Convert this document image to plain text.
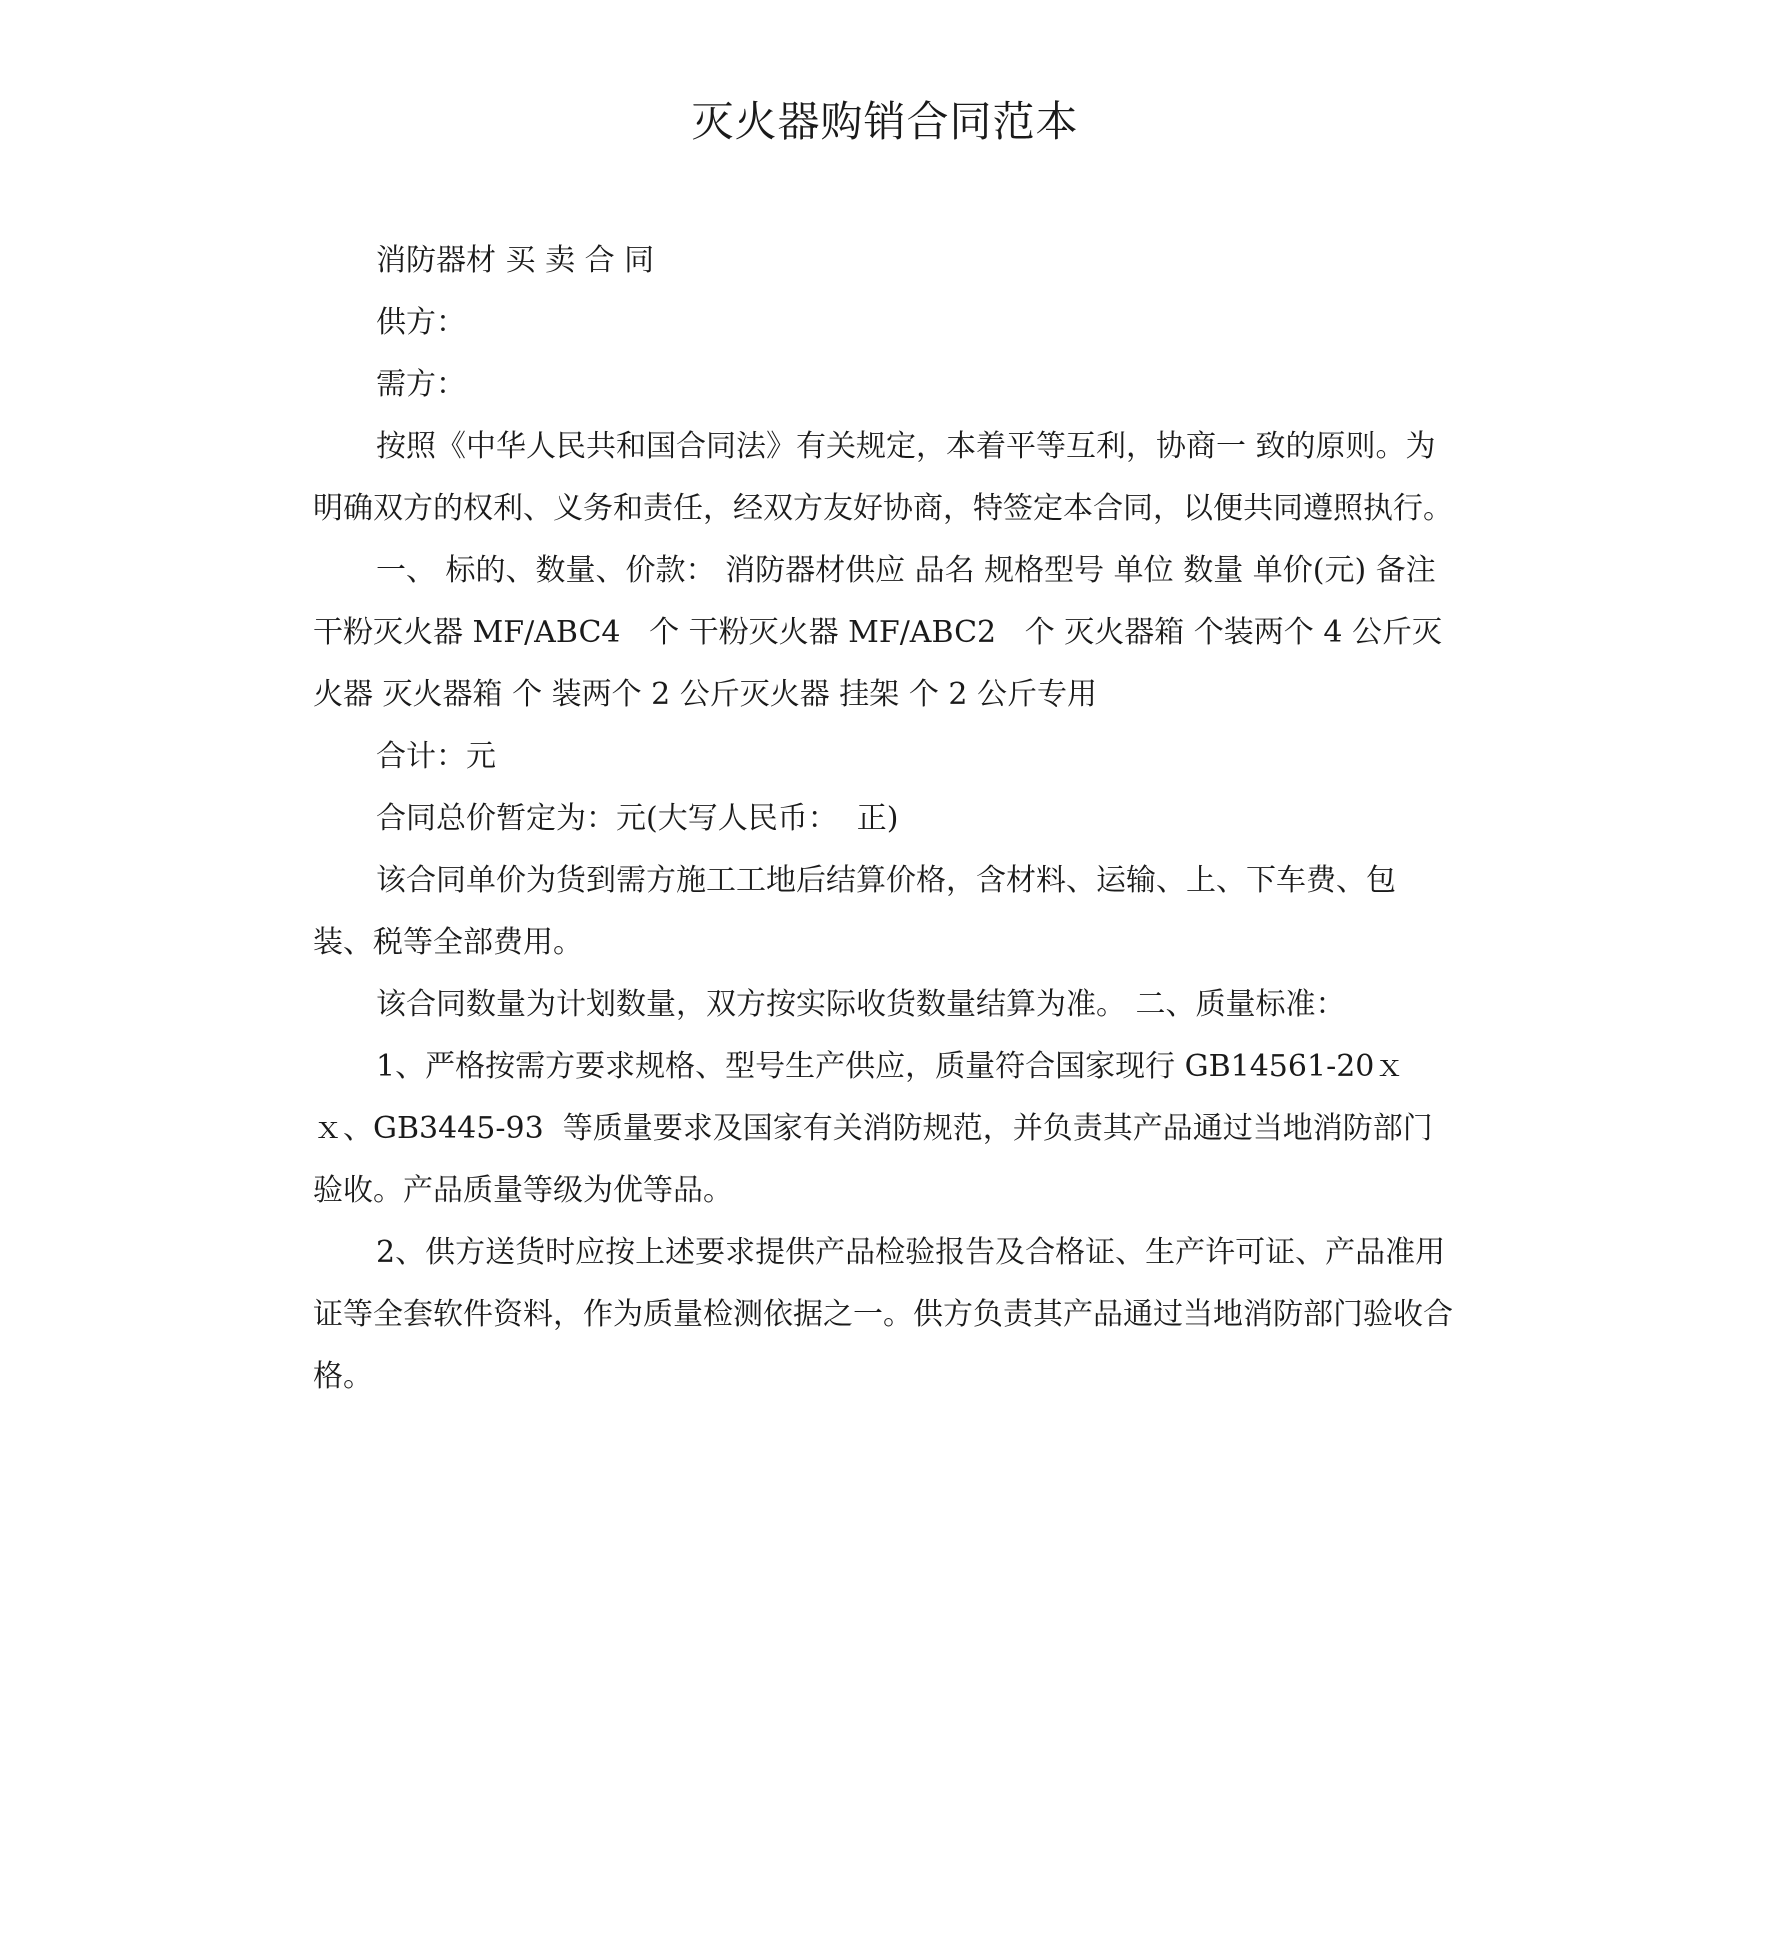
灭火器购销合同范本

消防器材 买 卖 合 同

供方：

需方：

按照《中华人民共和国合同法》有关规定，本着平等互利，协商一 致的原则。为明确双方的权利、义务和责任，经双方友好协商，特签定本合同，以便共同遵照执行。

一、 标的、数量、价款： 消防器材供应 品名 规格型号 单位 数量 单价(元) 备注 干粉灭火器 MF/ABC4   个 干粉灭火器 MF/ABC2   个 灭火器箱 个装两个 4 公斤灭火器 灭火器箱 个 装两个 2 公斤灭火器 挂架 个 2 公斤专用

合计：元

合同总价暂定为：元(大写人民币：  正)

该合同单价为货到需方施工工地后结算价格，含材料、运输、上、下车费、包装、税等全部费用。

该合同数量为计划数量，双方按实际收货数量结算为准。 二、质量标准：

1、严格按需方要求规格、型号生产供应，质量符合国家现行 GB14561-20ｘｘ、GB3445-93  等质量要求及国家有关消防规范，并负责其产品通过当地消防部门验收。产品质量等级为优等品。

2、供方送货时应按上述要求提供产品检验报告及合格证、生产许可证、产品准用证等全套软件资料，作为质量检测依据之一。供方负责其产品通过当地消防部门验收合格。
